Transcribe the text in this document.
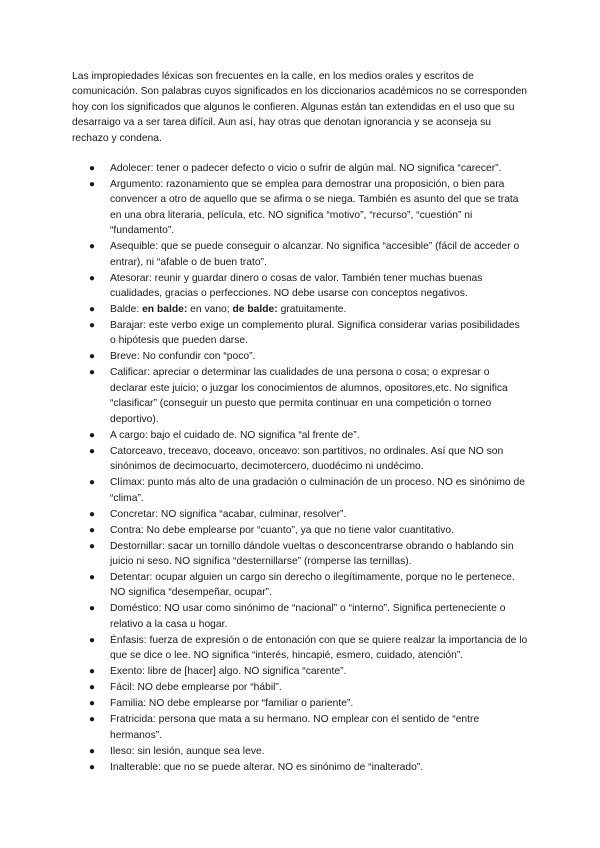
Las impropiedades léxicas son frecuentes en la calle, en los medios orales y escritos de comunicación. Son palabras cuyos significados en los diccionarios académicos no se corresponden hoy con los significados que algunos le confieren. Algunas están tan extendidas en el uso que su desarraigo va a ser tarea difícil. Aun así, hay otras que denotan ignorancia y se aconseja su rechazo y condena.

● Adolecer: tener o padecer defecto o vicio o sufrir de algún mal. NO significa “carecer”.
● Argumento: razonamiento que se emplea para demostrar una proposición, o bien para convencer a otro de aquello que se afirma o se niega. También es asunto del que se trata en una obra literaria, película, etc. NO significa “motivo”, “recurso”, “cuestión” ni “fundamento”.
● Asequible: que se puede conseguir o alcanzar. No significa “accesible” (fácil de acceder o entrar), ni “afable o de buen trato”.
● Atesorar: reunir y guardar dinero o cosas de valor. También tener muchas buenas cualidades, gracias o perfecciones. NO debe usarse con conceptos negativos.
● Balde: en balde: en vano; de balde: gratuitamente.
● Barajar: este verbo exige un complemento plural. Significa considerar varias posibilidades o hipótesis que pueden darse.
● Breve: No confundir con “poco”.
● Calificar: apreciar o determinar las cualidades de una persona o cosa; o expresar o declarar este juicio; o juzgar los conocimientos de alumnos, opositores,etc. No significa “clasificar” (conseguir un puesto que permita continuar en una competición o torneo deportivo).
● A cargo: bajo el cuidado de. NO significa “al frente de”.
● Catorceavo, treceavo, doceavo, onceavo: son partitivos, no ordinales. Así que NO son sinónimos de decimocuarto, decimotercero, duodécimo ni undécimo.
● Clímax: punto más alto de una gradación o culminación de un proceso. NO es sinónimo de “clima”.
● Concretar: NO significa “acabar, culminar, resolver”.
● Contra: No debe emplearse por “cuanto”, ya que no tiene valor cuantitativo.
● Destornillar: sacar un tornillo dándole vueltas o desconcentrarse obrando o hablando sin juicio ni seso. NO significa “desternillarse” (romperse las ternillas).
● Detentar: ocupar alguien un cargo sin derecho o ilegítimamente, porque no le pertenece. NO significa “desempeñar, ocupar”.
● Doméstico: NO usar como sinónimo de “nacional” o “interno”. Significa perteneciente o relativo a la casa u hogar.
● Énfasis: fuerza de expresión o de entonación con que se quiere realzar la importancia de lo que se dice o lee. NO significa “interés, hincapié, esmero, cuidado, atención”.
● Exento: libre de [hacer] algo. NO significa “carente”.
● Fácil: NO debe emplearse por “hábil”.
● Familia: NO debe emplearse por “familiar o pariente”.
● Fratricida: persona que mata a su hermano. NO emplear con el sentido de “entre hermanos”.
● Ileso: sin lesión, aunque sea leve.
● Inalterable: que no se puede alterar. NO es sinónimo de “inalterado”.
